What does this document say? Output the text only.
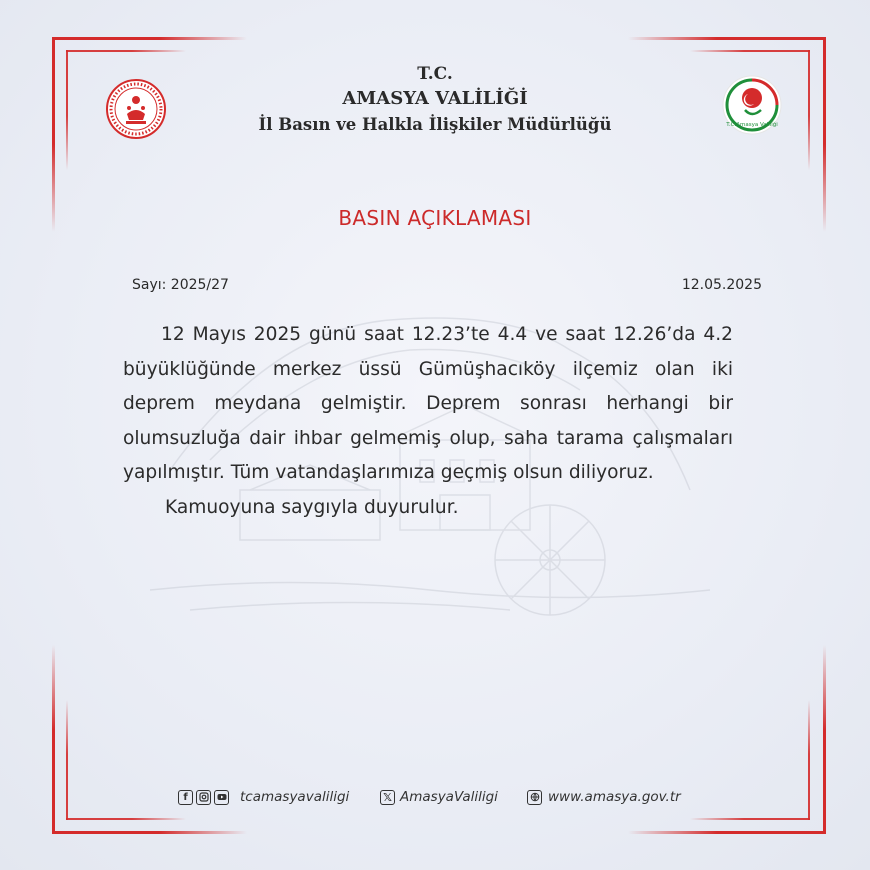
T.C.Amasya Valiliği
T.C.
AMASYA VALİLİĞİ
İl Basın ve Halkla İlişkiler Müdürlüğü
BASIN AÇIKLAMASI
Sayı: 2025/27	12.05.2025

12 Mayıs 2025 günü saat 12.23’te 4.4 ve saat 12.26’da 4.2 büyüklüğünde merkez üssü Gümüşhacıköy ilçemiz olan iki deprem meydana gelmiştir. Deprem sonrası herhangi bir olumsuzluğa dair ihbar gelmemiş olup, saha tarama çalışmaları yapılmıştır. Tüm vatandaşlarımıza geçmiş olsun diliyoruz.

Kamuoyuna saygıyla duyurulur.

f	tcamasyavaliligi	𝕏 AmasyaValiligi	www.amasya.gov.tr
